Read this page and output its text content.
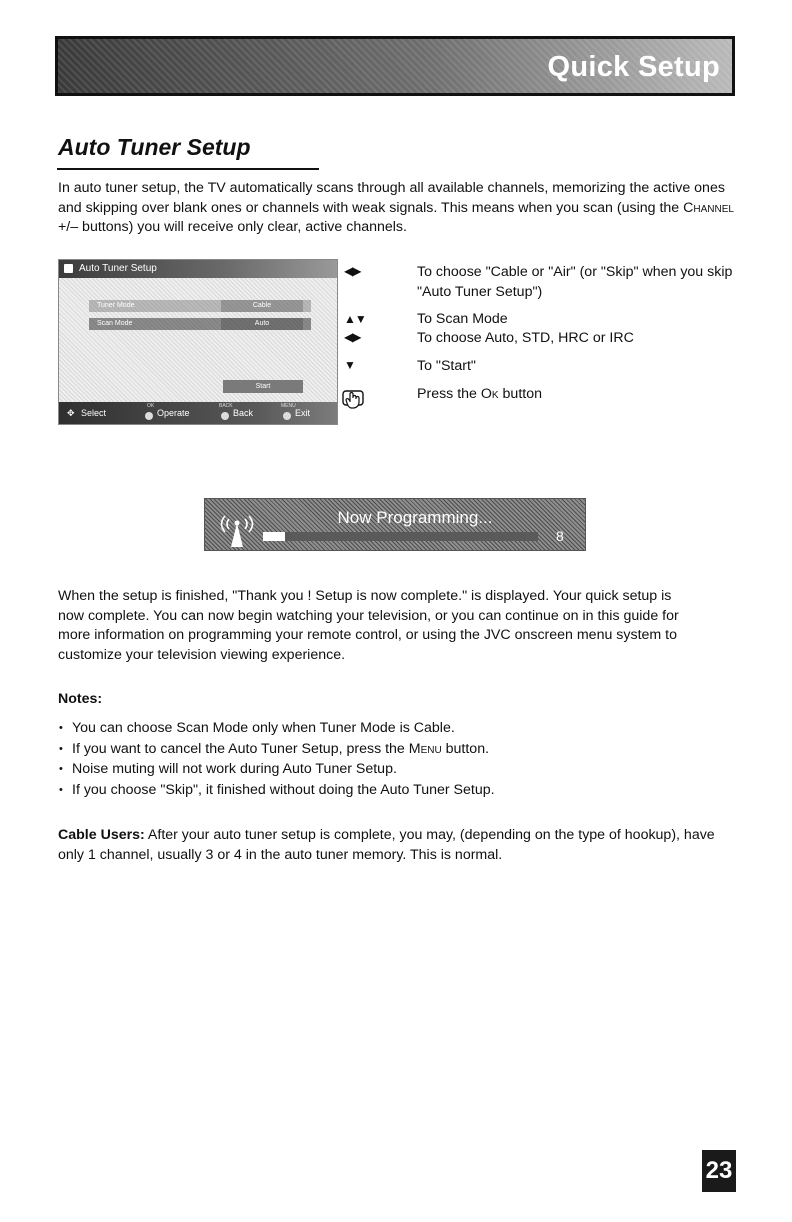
Quick Setup
Auto Tuner Setup

In auto tuner setup, the TV automatically scans through all available channels, memorizing the active ones and skipping over blank ones or channels with weak signals. This means when you scan (using the Channel +/– buttons) you will receive only clear, active channels.

Auto Tuner Setup
Tuner Mode	Cable
Scan Mode	Auto
Start
✥ Select
OK
Operate
BACK
Back
MENU
Exit
◀▶
▲▼
◀▶
▼

To choose "Cable or "Air" (or "Skip" when you skip "Auto Tuner Setup")

To Scan Mode

To choose Auto, STD, HRC or IRC

To "Start"

Press the Ok button

Now Programming...
8

When the setup is finished, "Thank you ! Setup is now complete." is displayed. Your quick setup is now complete. You can now begin watching your television, or you can continue on in this guide for more information on programming your remote control, or using the JVC onscreen menu system to customize your television viewing experience.

Notes:
• You can choose Scan Mode only when Tuner Mode is Cable.
• If you want to cancel the Auto Tuner Setup, press the Menu button.
• Noise muting will not work during Auto Tuner Setup.
• If you choose "Skip", it finished without doing the Auto Tuner Setup.

Cable Users: After your auto tuner setup is complete, you may, (depending on the type of hookup), have only 1 channel, usually 3 or 4 in the auto tuner memory. This is normal.

23
